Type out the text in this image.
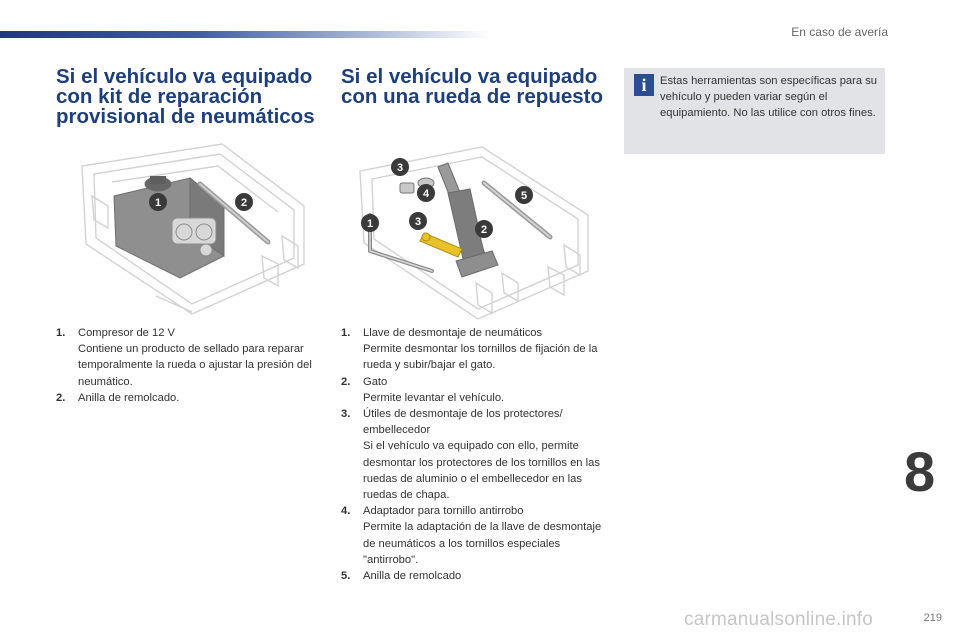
En caso de avería
Si el vehículo va equipado con kit de reparación provisional de neumáticos
Si el vehículo va equipado con una rueda de repuesto	i	Estas herramientas son específicas para su vehículo y pueden variar según el equipamiento. No las utilice con otros fines.
1	2
3
4
1	3
2
5
1. Compresor de 12 V
Contiene un producto de sellado para reparar temporalmente la rueda o ajustar la presión del neumático.
2. Anilla de remolcado.
1. Llave de desmontaje de neumáticos
Permite desmontar los tornillos de fijación de la rueda y subir/bajar el gato.
2. Gato
Permite levantar el vehículo.
3. Útiles de desmontaje de los protectores/ embellecedor
Si el vehículo va equipado con ello, permite desmontar los protectores de los tornillos en las ruedas de aluminio o el embellecedor en las ruedas de chapa.
4. Adaptador para tornillo antirrobo
Permite la adaptación de la llave de desmontaje de neumáticos a los tornillos especiales "antirrobo".
5. Anilla de remolcado
8
219
carmanualsonline.info
